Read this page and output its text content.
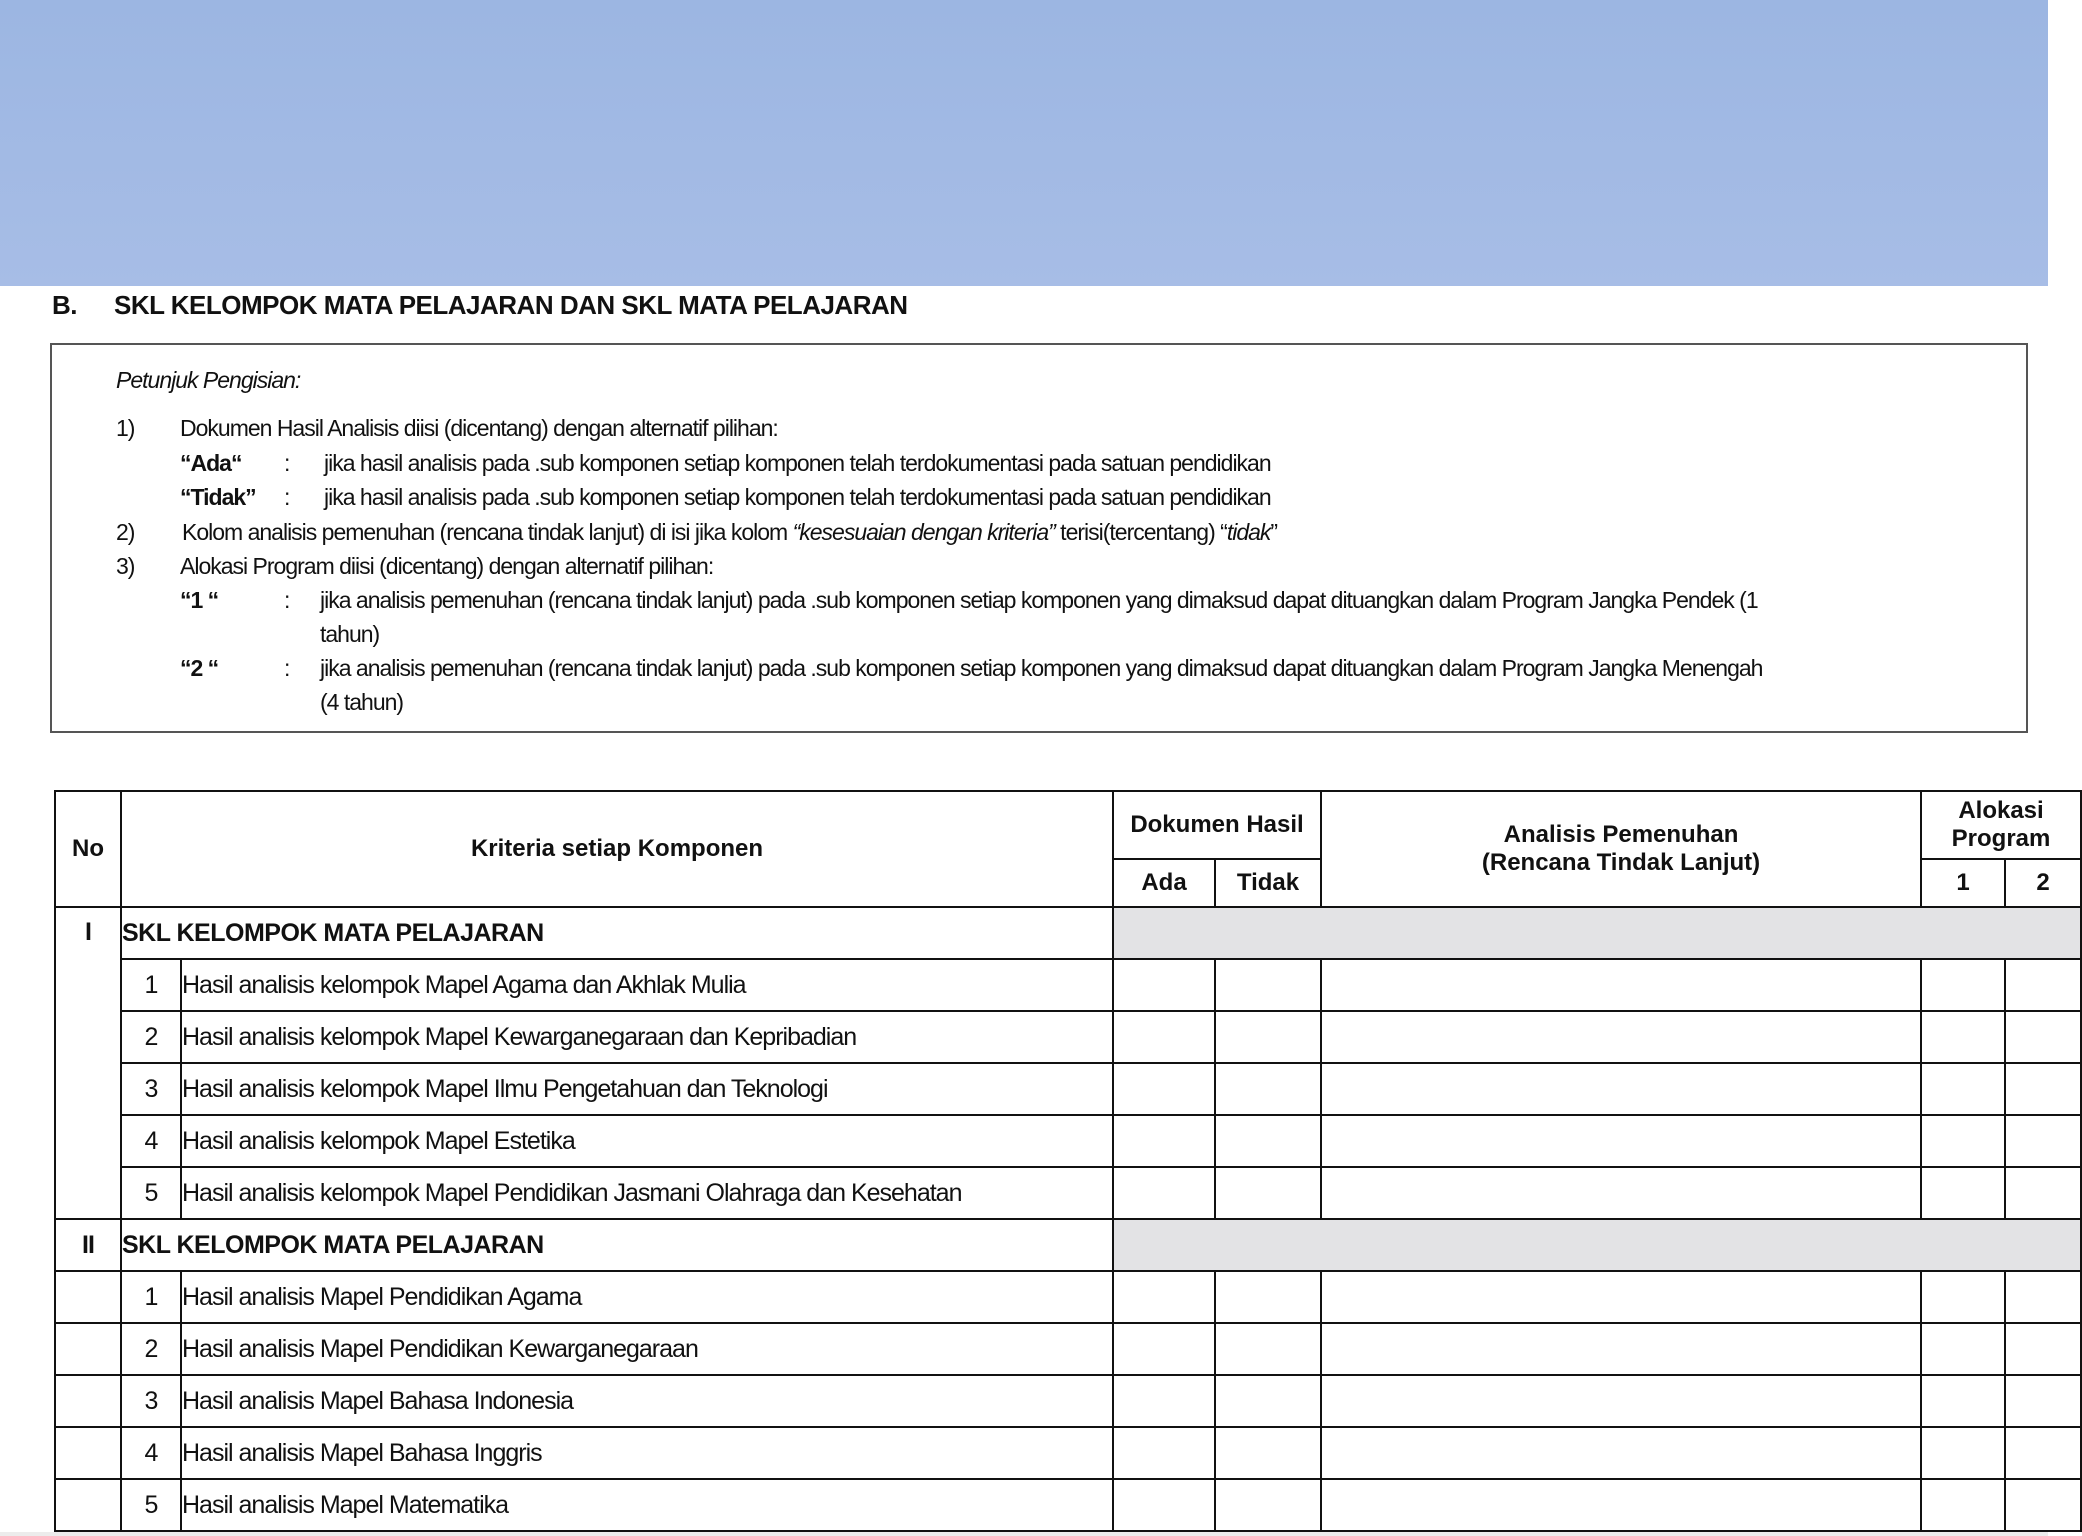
B. SKL KELOMPOK MATA PELAJARAN DAN SKL MATA PELAJARAN
Petunjuk Pengisian:
1) Dokumen Hasil Analisis diisi (dicentang) dengan alternatif pilihan:
“Ada“ : jika hasil analisis pada .sub komponen setiap komponen telah terdokumentasi pada satuan pendidikan
“Tidak” : jika hasil analisis pada .sub komponen setiap komponen telah terdokumentasi pada satuan pendidikan
2) Kolom analisis pemenuhan (rencana tindak lanjut) di isi jika kolom “kesesuaian dengan kriteria” terisi(tercentang) “tidak”
3) Alokasi Program diisi (dicentang) dengan alternatif pilihan:
“1 “	: jika analisis pemenuhan (rencana tindak lanjut) pada .sub komponen setiap komponen yang dimaksud dapat dituangkan dalam Program Jangka Pendek (1
tahun)
“2 “	: jika analisis pemenuhan (rencana tindak lanjut) pada .sub komponen setiap komponen yang dimaksud dapat dituangkan dalam Program Jangka Menengah
(4 tahun)
No	Kriteria setiap Komponen		Dokumen Hasil		Analisis Pemenuhan
(Rencana Tindak Lanjut)	Alokasi Program	
			Ada	Tidak		1	2
I	SKL KELOMPOK MATA PELAJARAN						
	1	Hasil analisis kelompok Mapel Agama dan Akhlak Mulia					
	2	Hasil analisis kelompok Mapel Kewarganegaraan dan Kepribadian					
	3	Hasil analisis kelompok Mapel Ilmu Pengetahuan dan Teknologi					
	4	Hasil analisis kelompok Mapel Estetika					
	5	Hasil analisis kelompok Mapel Pendidikan Jasmani Olahraga dan Kesehatan					
II	SKL KELOMPOK MATA PELAJARAN						
	1	Hasil analisis Mapel Pendidikan Agama					
	2	Hasil analisis Mapel Pendidikan Kewarganegaraan					
	3	Hasil analisis Mapel Bahasa Indonesia					
	4	Hasil analisis Mapel Bahasa Inggris					
	5	Hasil analisis Mapel Matematika					
